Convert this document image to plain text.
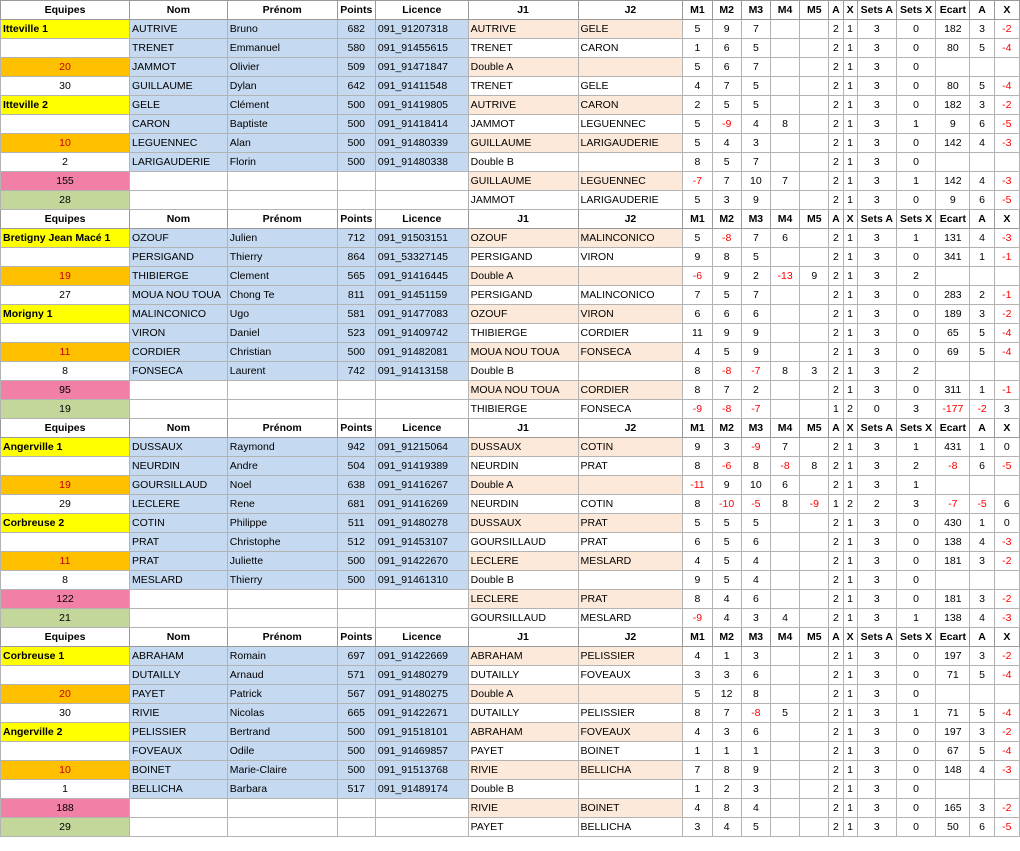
Equipes	Nom	Prénom	Points	Licence	J1	J2	M1	M2	M3	M4	M5	A	X	Sets A	Sets X	Ecart	A	X
Itteville 1	AUTRIVE	Bruno	682	091_91207318	AUTRIVE	GELE	5	9	7			2	1	3	0	182	3	-2
	TRENET	Emmanuel	580	091_91455615	TRENET	CARON	1	6	5			2	1	3	0	80	5	-4
20	JAMMOT	Olivier	509	091_91471847	Double A		5	6	7			2	1	3	0			
30	GUILLAUME	Dylan	642	091_91411548	TRENET	GELE	4	7	5			2	1	3	0	80	5	-4
Itteville 2	GELE	Clément	500	091_91419805	AUTRIVE	CARON	2	5	5			2	1	3	0	182	3	-2
	CARON	Baptiste	500	091_91418414	JAMMOT	LEGUENNEC	5	-9	4	8		2	1	3	1	9	6	-5
10	LEGUENNEC	Alan	500	091_91480339	GUILLAUME	LARIGAUDERIE	5	4	3			2	1	3	0	142	4	-3
2	LARIGAUDERIE	Florin	500	091_91480338	Double B		8	5	7			2	1	3	0			
155					GUILLAUME	LEGUENNEC	-7	7	10	7		2	1	3	1	142	4	-3
28					JAMMOT	LARIGAUDERIE	5	3	9			2	1	3	0	9	6	-5
Equipes	Nom	Prénom	Points	Licence	J1	J2	M1	M2	M3	M4	M5	A	X	Sets A	Sets X	Ecart	A	X
Bretigny Jean Macé 1	OZOUF	Julien	712	091_91503151	OZOUF	MALINCONICO	5	-8	7	6		2	1	3	1	131	4	-3
	PERSIGAND	Thierry	864	091_53327145	PERSIGAND	VIRON	9	8	5			2	1	3	0	341	1	-1
19	THIBIERGE	Clement	565	091_91416445	Double A		-6	9	2	-13	9	2	1	3	2			
27	MOUA NOU TOUA	Chong Te	811	091_91451159	PERSIGAND	MALINCONICO	7	5	7			2	1	3	0	283	2	-1
Morigny 1	MALINCONICO	Ugo	581	091_91477083	OZOUF	VIRON	6	6	6			2	1	3	0	189	3	-2
	VIRON	Daniel	523	091_91409742	THIBIERGE	CORDIER	11	9	9			2	1	3	0	65	5	-4
11	CORDIER	Christian	500	091_91482081	MOUA NOU TOUA	FONSECA	4	5	9			2	1	3	0	69	5	-4
8	FONSECA	Laurent	742	091_91413158	Double B		8	-8	-7	8	3	2	1	3	2			
95					MOUA NOU TOUA	CORDIER	8	7	2			2	1	3	0	311	1	-1
19					THIBIERGE	FONSECA	-9	-8	-7			1	2	0	3	-177	-2	3
Equipes	Nom	Prénom	Points	Licence	J1	J2	M1	M2	M3	M4	M5	A	X	Sets A	Sets X	Ecart	A	X
Angerville 1	DUSSAUX	Raymond	942	091_91215064	DUSSAUX	COTIN	9	3	-9	7		2	1	3	1	431	1	0
	NEURDIN	Andre	504	091_91419389	NEURDIN	PRAT	8	-6	8	-8	8	2	1	3	2	-8	6	-5
19	GOURSILLAUD	Noel	638	091_91416267	Double A		-11	9	10	6		2	1	3	1			
29	LECLERE	Rene	681	091_91416269	NEURDIN	COTIN	8	-10	-5	8	-9	1	2	2	3	-7	-5	6
Corbreuse 2	COTIN	Philippe	511	091_91480278	DUSSAUX	PRAT	5	5	5			2	1	3	0	430	1	0
	PRAT	Christophe	512	091_91453107	GOURSILLAUD	PRAT	6	5	6			2	1	3	0	138	4	-3
11	PRAT	Juliette	500	091_91422670	LECLERE	MESLARD	4	5	4			2	1	3	0	181	3	-2
8	MESLARD	Thierry	500	091_91461310	Double B		9	5	4			2	1	3	0			
122					LECLERE	PRAT	8	4	6			2	1	3	0	181	3	-2
21					GOURSILLAUD	MESLARD	-9	4	3	4		2	1	3	1	138	4	-3
Equipes	Nom	Prénom	Points	Licence	J1	J2	M1	M2	M3	M4	M5	A	X	Sets A	Sets X	Ecart	A	X
Corbreuse 1	ABRAHAM	Romain	697	091_91422669	ABRAHAM	PELISSIER	4	1	3			2	1	3	0	197	3	-2
	DUTAILLY	Arnaud	571	091_91480279	DUTAILLY	FOVEAUX	3	3	6			2	1	3	0	71	5	-4
20	PAYET	Patrick	567	091_91480275	Double A		5	12	8			2	1	3	0			
30	RIVIE	Nicolas	665	091_91422671	DUTAILLY	PELISSIER	8	7	-8	5		2	1	3	1	71	5	-4
Angerville 2	PELISSIER	Bertrand	500	091_91518101	ABRAHAM	FOVEAUX	4	3	6			2	1	3	0	197	3	-2
	FOVEAUX	Odile	500	091_91469857	PAYET	BOINET	1	1	1			2	1	3	0	67	5	-4
10	BOINET	Marie-Claire	500	091_91513768	RIVIE	BELLICHA	7	8	9			2	1	3	0	148	4	-3
1	BELLICHA	Barbara	517	091_91489174	Double B		1	2	3			2	1	3	0			
188					RIVIE	BOINET	4	8	4			2	1	3	0	165	3	-2
29					PAYET	BELLICHA	3	4	5			2	1	3	0	50	6	-5
